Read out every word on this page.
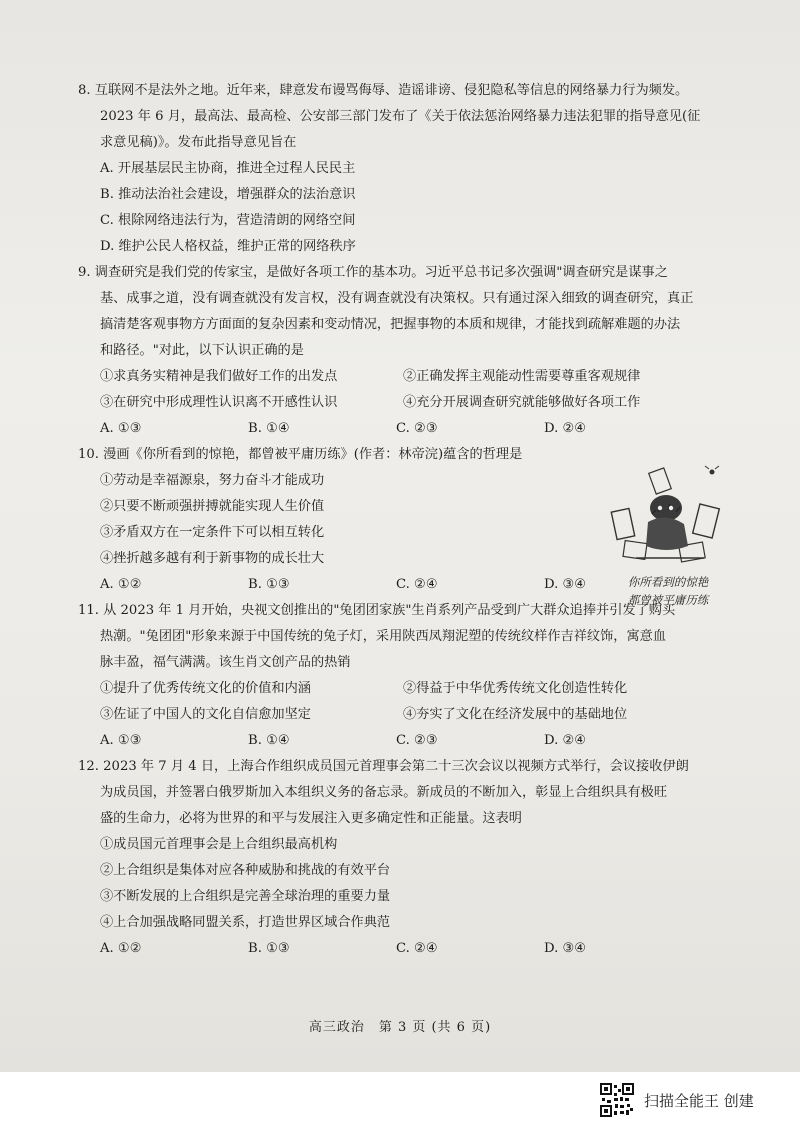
8. 互联网不是法外之地。近年来，肆意发布谩骂侮辱、造谣诽谤、侵犯隐私等信息的网络暴力行为频发。
2023 年 6 月，最高法、最高检、公安部三部门发布了《关于依法惩治网络暴力违法犯罪的指导意见(征
求意见稿)》。发布此指导意见旨在
A. 开展基层民主协商，推进全过程人民民主
B. 推动法治社会建设，增强群众的法治意识
C. 根除网络违法行为，营造清朗的网络空间
D. 维护公民人格权益，维护正常的网络秩序
9. 调查研究是我们党的传家宝，是做好各项工作的基本功。习近平总书记多次强调"调查研究是谋事之
基、成事之道，没有调查就没有发言权，没有调查就没有决策权。只有通过深入细致的调查研究，真正
搞清楚客观事物方方面面的复杂因素和变动情况，把握事物的本质和规律，才能找到疏解难题的办法
和路径。"对此，以下认识正确的是
①求真务实精神是我们做好工作的出发点	②正确发挥主观能动性需要尊重客观规律
③在研究中形成理性认识离不开感性认识	④充分开展调查研究就能够做好各项工作
A. ①③	B. ①④	C. ②③	D. ②④
10. 漫画《你所看到的惊艳，都曾被平庸历练》(作者：林帝浣)蕴含的哲理是
①劳动是幸福源泉，努力奋斗才能成功
②只要不断顽强拼搏就能实现人生价值
③矛盾双方在一定条件下可以相互转化
④挫折越多越有利于新事物的成长壮大
A. ①②	B. ①③	C. ②④	D. ③④
11. 从 2023 年 1 月开始，央视文创推出的"兔团团家族"生肖系列产品受到广大群众追捧并引发了购买
热潮。"兔团团"形象来源于中国传统的兔子灯，采用陕西凤翔泥塑的传统纹样作吉祥纹饰，寓意血
脉丰盈，福气满满。该生肖文创产品的热销
①提升了优秀传统文化的价值和内涵	②得益于中华优秀传统文化创造性转化
③佐证了中国人的文化自信愈加坚定	④夯实了文化在经济发展中的基础地位
A. ①③	B. ①④	C. ②③	D. ②④
12. 2023 年 7 月 4 日，上海合作组织成员国元首理事会第二十三次会议以视频方式举行，会议接收伊朗
为成员国，并签署白俄罗斯加入本组织义务的备忘录。新成员的不断加入，彰显上合组织具有极旺
盛的生命力，必将为世界的和平与发展注入更多确定性和正能量。这表明
①成员国元首理事会是上合组织最高机构
②上合组织是集体对应各种威胁和挑战的有效平台
③不断发展的上合组织是完善全球治理的重要力量
④上合加强战略同盟关系，打造世界区域合作典范
A. ①②	B. ①③	C. ②④	D. ③④
你所看到的惊艳
都曾被平庸历练
高三政治　第 3 页 (共 6 页)
扫描全能王 创建
